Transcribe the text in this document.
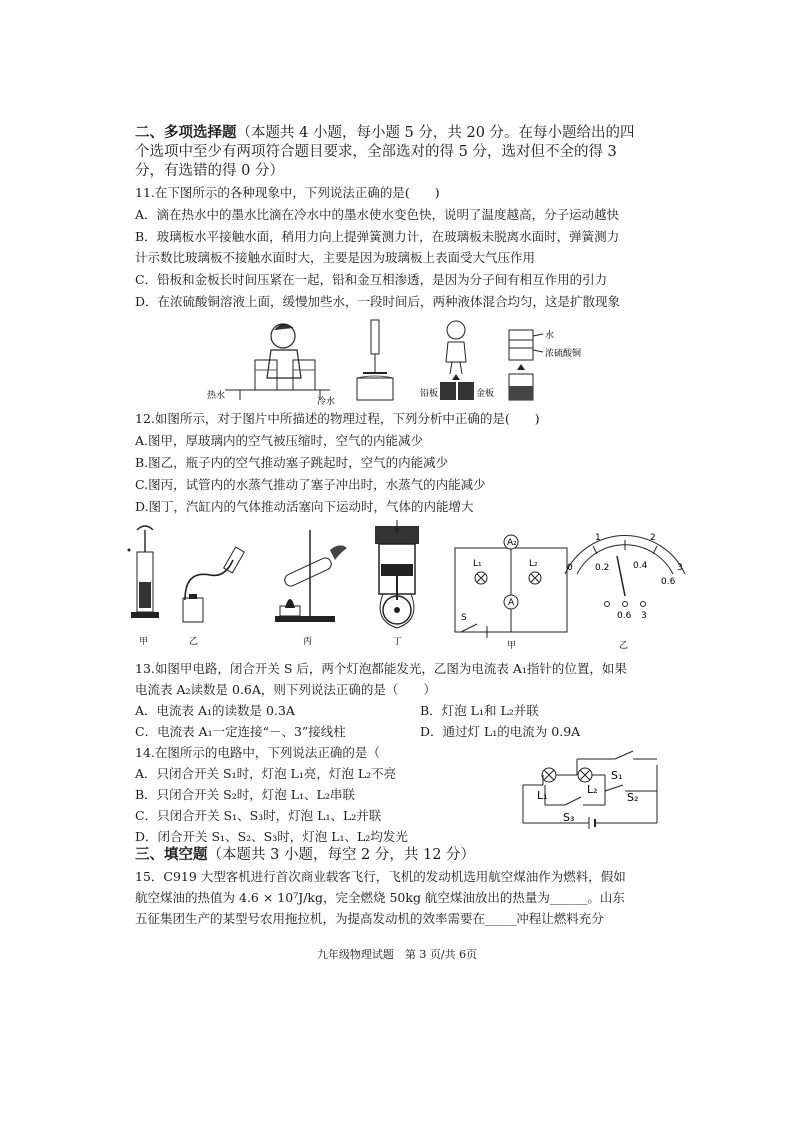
二、多项选择题（本题共 4 小题，每小题 5 分，共 20 分。在每小题给出的四
个选项中至少有两项符合题目要求，全部选对的得 5 分，选对但不全的得 3
分，有选错的得 0 分）
11.在下图所示的各种现象中，下列说法正确的是(　　)
A．滴在热水中的墨水比滴在冷水中的墨水使水变色快，说明了温度越高，分子运动越快
B．玻璃板水平接触水面，稍用力向上提弹簧测力计，在玻璃板未脱离水面时，弹簧测力
计示数比玻璃板不接触水面时大，主要是因为玻璃板上表面受大气压作用
C．铅板和金板长时间压紧在一起，铅和金互相渗透，是因为分子间有相互作用的引力
D．在浓硫酸铜溶液上面，缓慢加些水，一段时间后，两种液体混合均匀，这是扩散现象
热水
冷水
铅板	金板
水
浓硫酸铜
12.如图所示，对于图片中所描述的物理过程，下列分析中正确的是(　　)
A.图甲，厚玻璃内的空气被压缩时，空气的内能减少
B.图乙，瓶子内的空气推动塞子跳起时，空气的内能减少
C.图丙，试管内的水蒸气推动了塞子冲出时，水蒸气的内能减少
D.图丁，汽缸内的气体推动活塞向下运动时，气体的内能增大
A₂
L₁	L₂
A
S
0
1	2
3
0.2	0.4
0.6
0.6 3
甲	乙	丙	丁	甲	乙
13.如图甲电路，闭合开关 S 后，两个灯泡都能发光，乙图为电流表 A₁指针的位置，如果
电流表 A₂读数是 0.6A，则下列说法正确的是（　　）
A．电流表 A₁的读数是 0.3A	B．灯泡 L₁和 L₂并联
C．电流表 A₁一定连接“－、3”接线柱	D．通过灯 L₁的电流为 0.9A
14.在图所示的电路中，下列说法正确的是（
A．只闭合开关 S₁时，灯泡 L₁亮，灯泡 L₂不亮
B．只闭合开关 S₂时，灯泡 L₁、L₂串联
C．只闭合开关 S₁、S₃时，灯泡 L₁、L₂并联
D．闭合开关 S₁、S₂、S₃时，灯泡 L₁、L₂均发光
S₁
S₂
S₃
L₁	L₂
三、填空题（本题共 3 小题，每空 2 分，共 12 分）
15．C919 大型客机进行首次商业载客飞行，飞机的发动机选用航空煤油作为燃料，假如
航空煤油的热值为 4.6 × 10⁷J/kg，完全燃烧 50kg 航空煤油放出的热量为______。山东
五征集团生产的某型号农用拖拉机，为提高发动机的效率需要在_____冲程让燃料充分
九年级物理试题　第 3 页/共 6页
